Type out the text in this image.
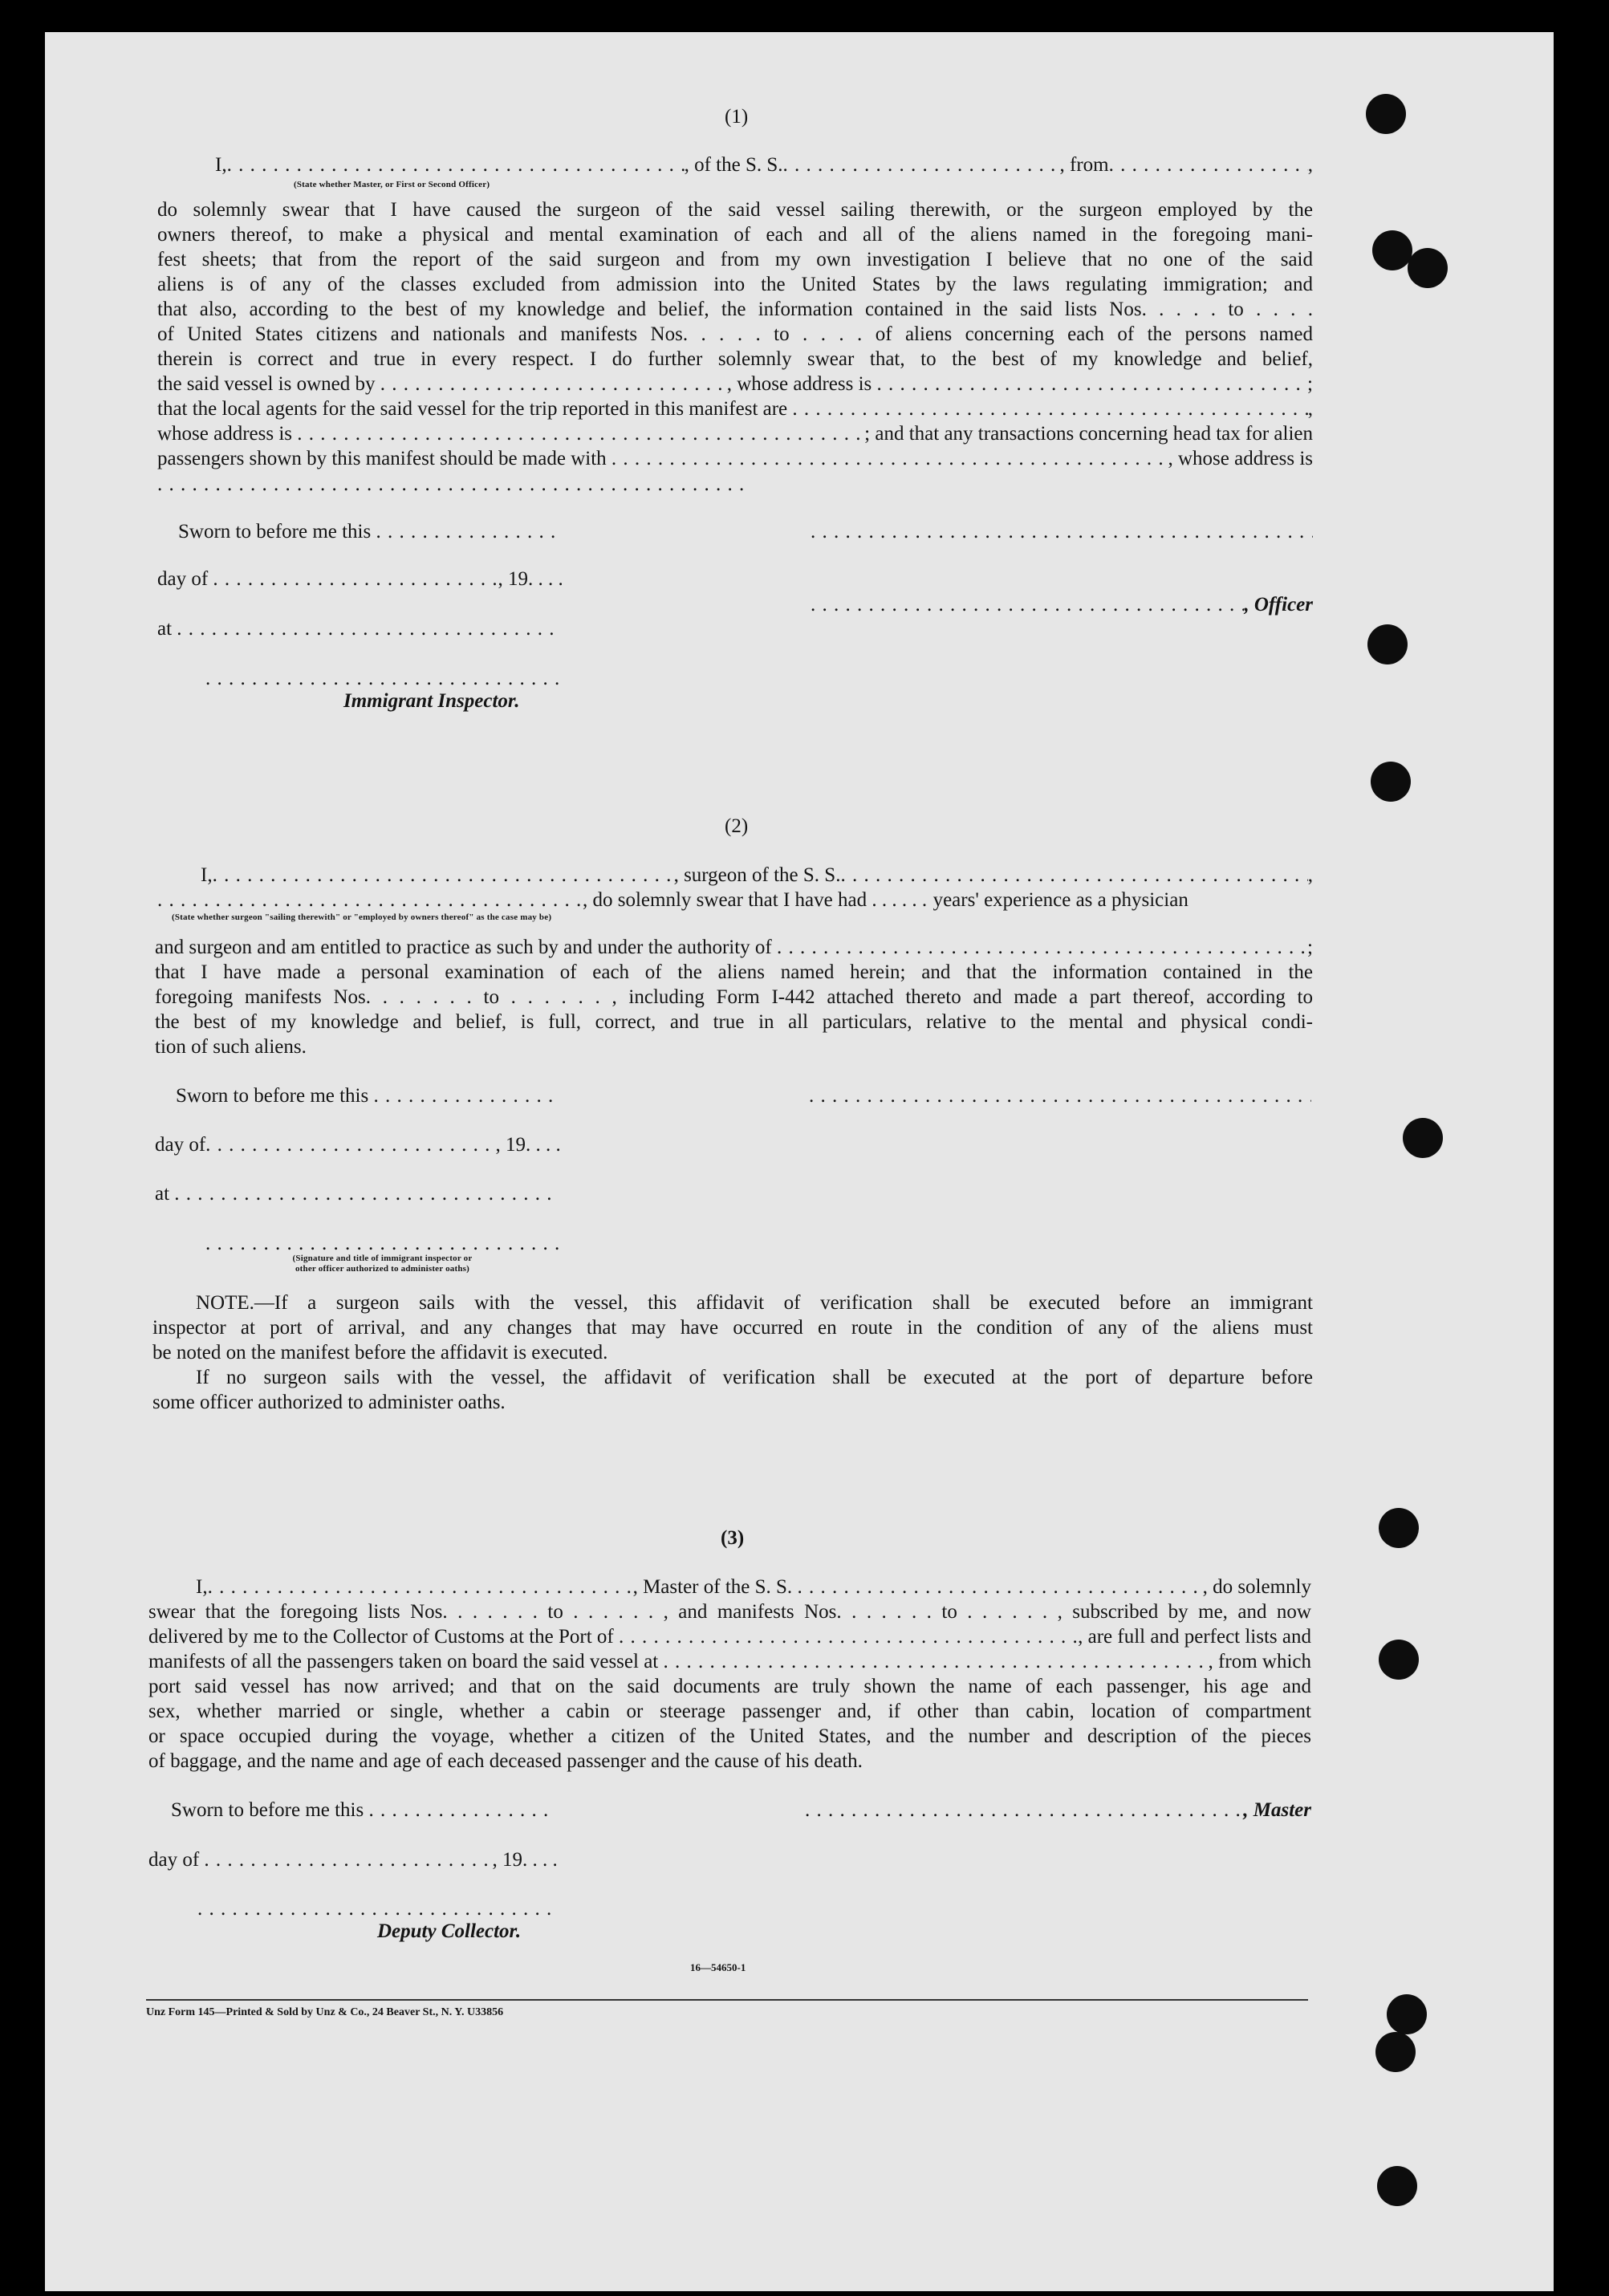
(1)
I, . . .	, of the S. S. . . .	, from . . .	,
(State whether Master, or First or Second Officer)
do solemnly swear that I have caused the surgeon of the said vessel sailing therewith, or the surgeon employed by the
owners thereof, to make a physical and mental examination of each and all of the aliens named in the foregoing mani-
fest sheets; that from the report of the said surgeon and from my own investigation I believe that no one of the said
aliens is of any of the classes excluded from admission into the United States by the laws regulating immigration; and
that also, according to the best of my knowledge and belief, the information contained in the said lists Nos. . . . . to . . . .
of United States citizens and nationals and manifests Nos. . . . . to . . . . of aliens concerning each of the persons named
therein is correct and true in every respect. I do further solemnly swear that, to the best of my knowledge and belief,
the said vessel is owned by
. . .	, whose address is
. . .	;
that the local agents for the said vessel for the trip reported in this manifest are
. . .	,
whose address is
. . .	; and that any transactions concerning head tax for alien
passengers shown by this manifest should be made with
. . .	, whose address is
. . .
Sworn to before me this

. . .
. . .
day of
. . .	, 19
. . .
. . .
, Officer
at

. . .
. . .
Immigrant Inspector.
(2)
I, . . .	, surgeon of the S. S. . . .	,
. . .
, do solemnly swear that I have had
. . .
	years' experience as a physician
(State whether surgeon "sailing therewith" or "employed by owners thereof" as the case may be)
and surgeon and am entitled to practice as such by and under the authority of
. . .	;
that I have made a personal examination of each of the aliens named herein; and that the information contained in the
foregoing manifests Nos. . . . . . . to . . . . . . , including Form I-442 attached thereto and made a part thereof, according to
the best of my knowledge and belief, is full, correct, and true in all particulars, relative to the mental and physical condi-
tion of such aliens.
Sworn to before me this

. . .
. . .
day of . . .	, 19
. . .
at

. . .
. . .
(Signature and title of immigrant inspector or
other officer authorized to administer oaths)
NOTE.—If a surgeon sails with the vessel, this affidavit of verification shall be executed before an immigrant
inspector at port of arrival, and any changes that may have occurred en route in the condition of any of the aliens must
be noted on the manifest before the affidavit is executed.
If no surgeon sails with the vessel, the affidavit of verification shall be executed at the port of departure before
some officer authorized to administer oaths.
(3)
I, . . .	, Master of the S. S.
. . .	, do solemnly
swear that the foregoing lists Nos. . . . . . . to . . . . . . , and manifests Nos. . . . . . . to . . . . . . , subscribed by me, and now
delivered by me to the Collector of Customs at the Port of
. . .	, are full and perfect lists and
manifests of all the passengers taken on board the said vessel at
. . .	, from which
port said vessel has now arrived; and that on the said documents are truly shown the name of each passenger, his age and
sex, whether married or single, whether a cabin or steerage passenger and, if other than cabin, location of compartment
or space occupied during the voyage, whether a citizen of the United States, and the number and description of the pieces
of baggage, and the name and age of each deceased passenger and the cause of his death.
Sworn to before me this
. . . . . .	, Master
day of
. . .	, 19
. . .
. . .
Deputy Collector.
16—54650-1
Unz Form 145—Printed & Sold by Unz & Co., 24 Beaver St., N. Y. U33856
